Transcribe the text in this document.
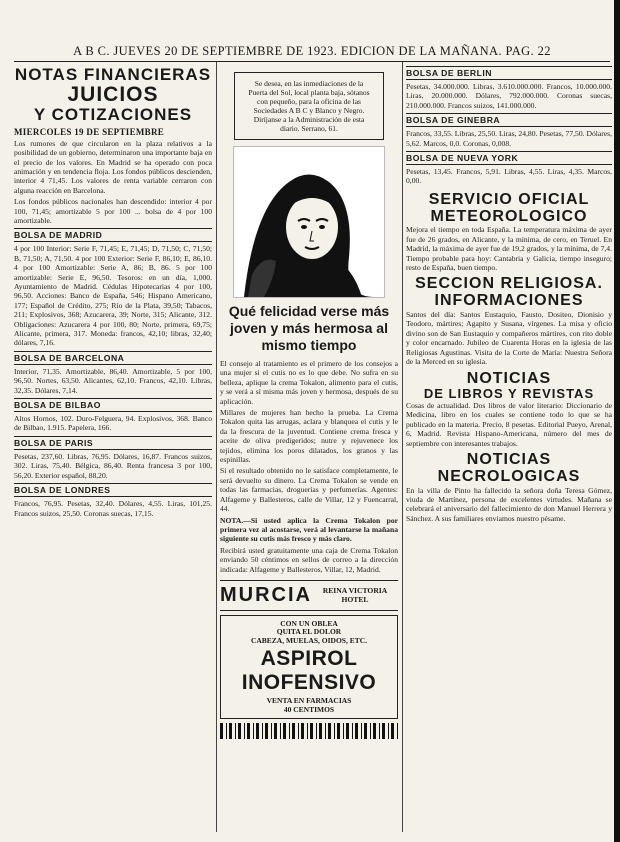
A B C. JUEVES 20 DE SEPTIEMBRE DE 1923. EDICION DE LA MAÑANA. PAG. 22
NOTAS FINANCIERAS
JUICIOS
Y COTIZACIONES
MIERCOLES 19 DE SEPTIEMBRE

Los rumores de que circularon en la plaza relativos a la posibilidad de un gobierno, determinaron una importante baja en el precio de los valores. En Madrid se ha operado con poca animación y en tendencia floja. Los fondos públicos descienden, interior 4 71,45. Los valores de renta variable cerraron con alguna reacción en Barcelona.

Los fondos públicos nacionales han descendido: interior 4 por 100, 71,45; amortizable 5 por 100 ... bolsa de 4 por 100 amortizable.

BOLSA DE MADRID

4 por 100 Interior: Serie F, 71,45; E, 71,45; D, 71,50; C, 71,50; B, 71,50; A, 71,50. 4 por 100 Exterior: Serie F, 86,10; E, 86,10. 4 por 100 Amortizable: Serie A, 86; B, 86. 5 por 100 amortizable: Serie E, 96,50. Tesoros: en un día, 1,000. Ayuntamiento de Madrid. Cédulas Hipotecarias 4 por 100, 96,50. Acciones: Banco de España, 546; Hispano Americano, 177; Español de Crédito, 275; Río de la Plata, 39,50; Tabacos, 211; Explosivos, 368; Azucarera, 39; Norte, 315; Alicante, 312. Obligaciones: Azucarera 4 por 100, 80; Norte, primera, 69,75; Alicante, primera, 317. Moneda: francos, 42,10; libras, 32,40; dólares, 7,16.

BOLSA DE BARCELONA

Interior, 71,35. Amortizable, 86,40. Amortizable, 5 por 100, 96,50. Nortes, 63,50. Alicantes, 62,10. Francos, 42,10. Libras, 32,35. Dólares, 7,14.

BOLSA DE BILBAO

Altos Hornos, 102. Duro-Felguera, 94. Explosivos, 368. Banco de Bilbao, 1.915. Papelera, 166.

BOLSA DE PARIS

Pesetas, 237,60. Libras, 76,95. Dólares, 16,87. Francos suizos, 302. Liras, 75,40. Bélgica, 86,40. Renta francesa 3 por 100, 56,20. Exterior español, 88,20.

BOLSA DE LONDRES

Francos, 76,95. Pesetas, 32,40. Dólares, 4,55. Liras, 101,25. Francos suizos, 25,50. Coronas suecas, 17,15.

Se desea, en las inmediaciones de la Puerta del Sol, local planta baja, sótanos con pequeño, para la oficina de las Sociedades A B C y Blanco y Negro. Diríjanse a la Administración de esta diario. Serrano, 61.
Qué felicidad verse más joven y más hermosa al mismo tiempo

El consejo al tratamiento es el primero de los consejos a una mujer si el cutis no es lo que debe. No sufra en su belleza, aplique la crema Tokalon, alimento para el cutis, y se verá a sí misma más joven y hermosa, después de su aplicación.

Millares de mujeres han hecho la prueba. La Crema Tokalon quita las arrugas, aclara y blanquea el cutis y le da la frescura de la juventud. Contiene crema fresca y aceite de oliva predigeridos; nutre y rejuvenece los tejidos, elimina los poros dilatados, los granos y las espinillas.

Si el resultado obtenido no le satisface completamente, le será devuelto su dinero. La Crema Tokalon se vende en todas las farmacias, droguerías y perfumerías. Agentes: Alfageme y Ballesteros, calle de Villar, 12 y Fuencarral, 44.

NOTA.—Si usted aplica la Crema Tokalon por primera vez al acostarse, verá al levantarse la mañana siguiente su cutis más fresco y más claro.

Recibirá usted gratuitamente una caja de Crema Tokalon enviando 50 céntimos en sellos de correo a la dirección indicada: Alfageme y Ballesteros, Villar, 12, Madrid.

MURCIA	REINA VICTORIA HOTEL
CON UN OBLEA
QUITA EL DOLOR
CABEZA, MUELAS, OIDOS, ETC.
ASPIROL INOFENSIVO
VENTA EN FARMACIAS
40 CENTIMOS
BOLSA DE BERLIN

Pesetas, 34.000.000. Libras, 3.610.000.000. Francos, 10.000.000. Liras, 20.000.000. Dólares, 792.000.000. Coronas suecas, 210.000.000. Francos suizos, 141.000.000.

BOLSA DE GINEBRA

Francos, 33,55. Libras, 25,50. Liras, 24,80. Pesetas, 77,50. Dólares, 5,62. Marcos, 0,0. Coronas, 0,008.

BOLSA DE NUEVA YORK

Pesetas, 13,45. Francos, 5,91. Libras, 4,55. Liras, 4,35. Marcos, 0,00.

SERVICIO OFICIAL
METEOROLOGICO

Mejora el tiempo en toda España. La temperatura máxima de ayer fue de 26 grados, en Alicante, y la mínima, de cero, en Teruel. En Madrid, la máxima de ayer fue de 19,2 grados, y la mínima, de 7,4. Tiempo probable para hoy: Cantabria y Galicia, tiempo inseguro; resto de España, buen tiempo.

SECCION RELIGIOSA.
INFORMACIONES

Santos del día: Santos Eustaquio, Fausto, Dositeo, Dionisio y Teodoro, mártires; Agapito y Susana, vírgenes. La misa y oficio divino son de San Eustaquio y compañeros mártires, con rito doble y color encarnado. Jubileo de Cuarenta Horas en la iglesia de las Religiosas Agustinas. Visita de la Corte de María: Nuestra Señora de la Merced en su iglesia.

NOTICIAS
DE LIBROS Y REVISTAS

Cosas de actualidad. Dos libros de valor literario: Diccionario de Medicina, libro en los cuales se contiene todo lo que se ha publicado en la materia. Precio, 8 pesetas. Editorial Pueyo, Arenal, 6, Madrid. Revista Hispano-Americana, número del mes de septiembre con interesantes trabajos.

NOTICIAS
NECROLOGICAS

En la villa de Pinto ha fallecido la señora doña Teresa Gómez, viuda de Martínez, persona de excelentes virtudes. Mañana se celebrará el aniversario del fallecimiento de don Manuel Herrera y Sánchez. A sus familiares enviamos nuestro pésame.
